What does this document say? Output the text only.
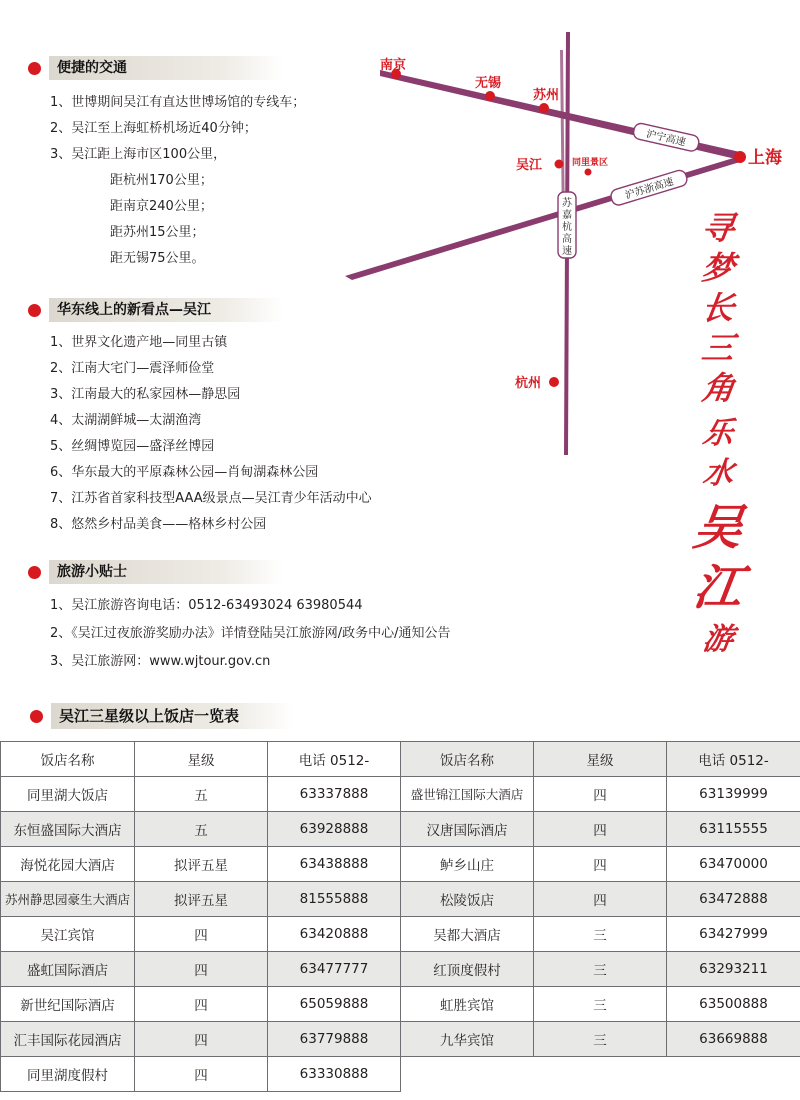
便捷的交通
1、世博期间吴江有直达世博场馆的专线车；
2、吴江至上海虹桥机场近40分钟；
3、吴江距上海市区100公里，
距杭州170公里；
距南京240公里；
距苏州15公里；
距无锡75公里。
华东线上的新看点—吴江
1、世界文化遗产地—同里古镇
2、江南大宅门—震泽师俭堂
3、江南最大的私家园林—静思园
4、太湖湖鲜城—太湖渔湾
5、丝绸博览园—盛泽丝博园
6、华东最大的平原森林公园—肖甸湖森林公园
7、江苏省首家科技型AAA级景点—吴江青少年活动中心
8、悠然乡村品美食——格林乡村公园
旅游小贴士
1、吴江旅游咨询电话：0512-63493024 63980544
2、《吴江过夜旅游奖励办法》详情登陆吴江旅游网/政务中心/通知公告
3、吴江旅游网：www.wjtour.gov.cn
南京
无锡
苏州
上海
吴江	同里景区
杭州
沪宁高速
沪苏浙高速
苏
嘉
杭
高
速
寻
梦
长
三
角
乐
水
吴
江
游
吴江三星级以上饭店一览表
饭店名称	星级	电话 0512-	饭店名称	星级	电话 0512-
同里湖大饭店	五	63337888	盛世锦江国际大酒店	四	63139999
东恒盛国际大酒店	五	63928888	汉唐国际酒店	四	63115555
海悦花园大酒店	拟评五星	63438888	鲈乡山庄	四	63470000
苏州静思园豪生大酒店	拟评五星	81555888	松陵饭店	四	63472888
吴江宾馆	四	63420888	吴都大酒店	三	63427999
盛虹国际酒店	四	63477777	红顶度假村	三	63293211
新世纪国际酒店	四	65059888	虹胜宾馆	三	63500888
汇丰国际花园酒店	四	63779888	九华宾馆	三	63669888
同里湖度假村	四	63330888			
